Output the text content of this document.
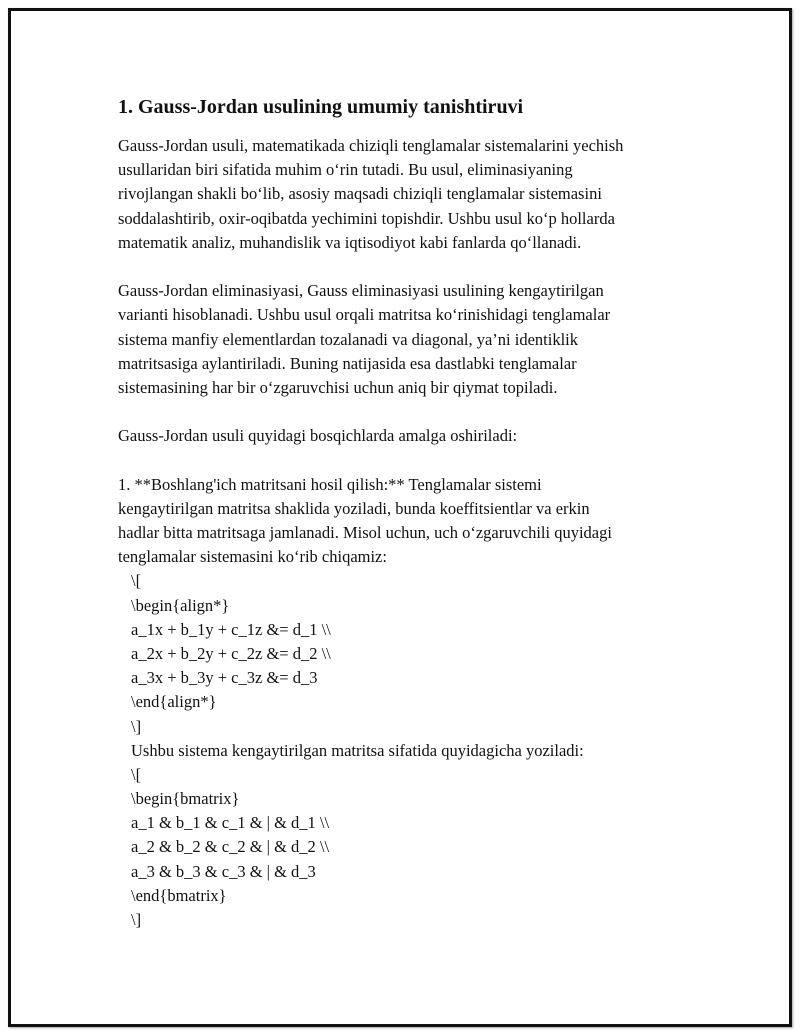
1. Gauss-Jordan usulining umumiy tanishtiruvi
Gauss-Jordan usuli, matematikada chiziqli tenglamalar sistemalarini yechish
usullaridan biri sifatida muhim o‘rin tutadi. Bu usul, eliminasiyaning
rivojlangan shakli bo‘lib, asosiy maqsadi chiziqli tenglamalar sistemasini
soddalashtirib, oxir-oqibatda yechimini topishdir. Ushbu usul ko‘p hollarda
matematik analiz, muhandislik va iqtisodiyot kabi fanlarda qo‘llanadi.
Gauss-Jordan eliminasiyasi, Gauss eliminasiyasi usulining kengaytirilgan
varianti hisoblanadi. Ushbu usul orqali matritsa ko‘rinishidagi tenglamalar
sistema manfiy elementlardan tozalanadi va diagonal, ya’ni identiklik
matritsasiga aylantiriladi. Buning natijasida esa dastlabki tenglamalar
sistemasining har bir o‘zgaruvchisi uchun aniq bir qiymat topiladi.
Gauss-Jordan usuli quyidagi bosqichlarda amalga oshiriladi:
1. **Boshlang'ich matritsani hosil qilish:** Tenglamalar sistemi
kengaytirilgan matritsa shaklida yoziladi, bunda koeffitsientlar va erkin
hadlar bitta matritsaga jamlanadi. Misol uchun, uch o‘zgaruvchili quyidagi
tenglamalar sistemasini ko‘rib chiqamiz:
\[
\begin{align*}
a_1x + b_1y + c_1z &= d_1 \\
a_2x + b_2y + c_2z &= d_2 \\
a_3x + b_3y + c_3z &= d_3
\end{align*}
\]
Ushbu sistema kengaytirilgan matritsa sifatida quyidagicha yoziladi:
\[
\begin{bmatrix}
a_1 & b_1 & c_1 & | & d_1 \\
a_2 & b_2 & c_2 & | & d_2 \\
a_3 & b_3 & c_3 & | & d_3
\end{bmatrix}
\]
